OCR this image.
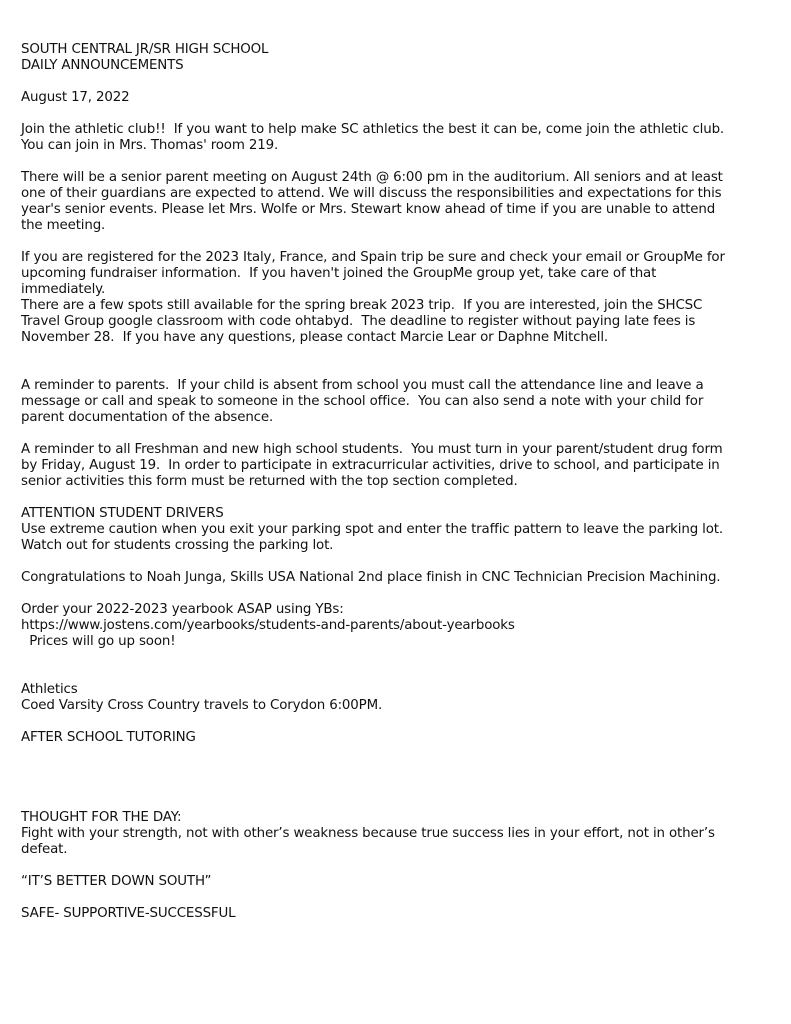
SOUTH CENTRAL JR/SR HIGH SCHOOL
DAILY ANNOUNCEMENTS
August 17, 2022
Join the athletic club!!  If you want to help make SC athletics the best it can be, come join the athletic club.
You can join in Mrs. Thomas' room 219.
There will be a senior parent meeting on August 24th @ 6:00 pm in the auditorium. All seniors and at least
one of their guardians are expected to attend. We will discuss the responsibilities and expectations for this
year's senior events. Please let Mrs. Wolfe or Mrs. Stewart know ahead of time if you are unable to attend
the meeting.
If you are registered for the 2023 Italy, France, and Spain trip be sure and check your email or GroupMe for
upcoming fundraiser information.  If you haven't joined the GroupMe group yet, take care of that
immediately.
There are a few spots still available for the spring break 2023 trip.  If you are interested, join the SHCSC
Travel Group google classroom with code ohtabyd.  The deadline to register without paying late fees is
November 28.  If you have any questions, please contact Marcie Lear or Daphne Mitchell.
A reminder to parents.  If your child is absent from school you must call the attendance line and leave a
message or call and speak to someone in the school office.  You can also send a note with your child for
parent documentation of the absence.
A reminder to all Freshman and new high school students.  You must turn in your parent/student drug form
by Friday, August 19.  In order to participate in extracurricular activities, drive to school, and participate in
senior activities this form must be returned with the top section completed.
ATTENTION STUDENT DRIVERS
Use extreme caution when you exit your parking spot and enter the traffic pattern to leave the parking lot.
Watch out for students crossing the parking lot.
Congratulations to Noah Junga, Skills USA National 2nd place finish in CNC Technician Precision Machining.
Order your 2022-2023 yearbook ASAP using YBs:
https://www.jostens.com/yearbooks/students-and-parents/about-yearbooks
Prices will go up soon!
Athletics
Coed Varsity Cross Country travels to Corydon 6:00PM.
AFTER SCHOOL TUTORING
THOUGHT FOR THE DAY:
Fight with your strength, not with other’s weakness because true success lies in your effort, not in other’s
defeat.
“IT’S BETTER DOWN SOUTH”
SAFE- SUPPORTIVE-SUCCESSFUL
